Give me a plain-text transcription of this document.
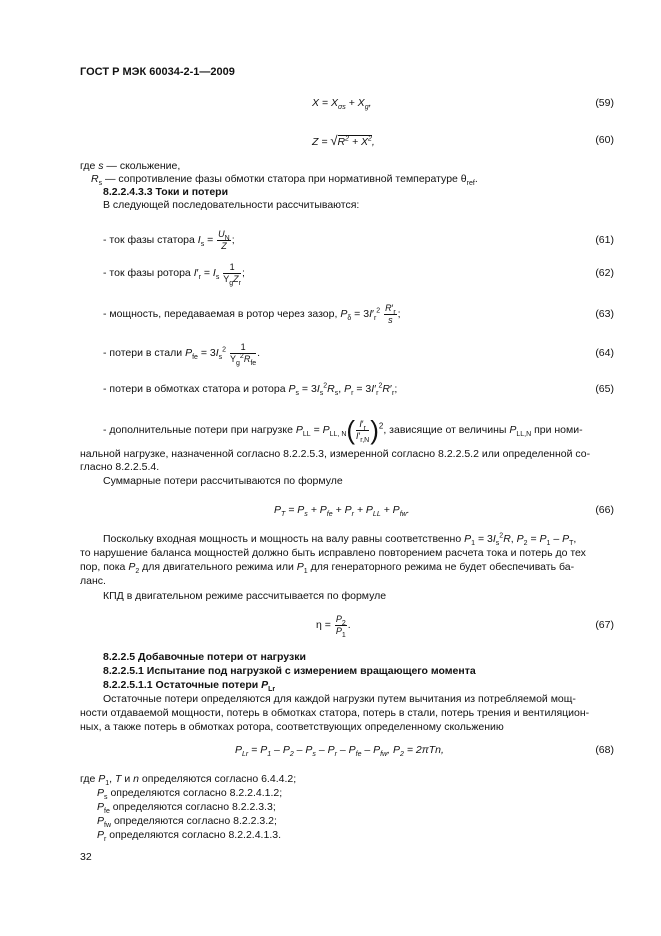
ГОСТ Р МЭК 60034-2-1—2009
$X = X_{\sigma s} + X_g$,	(59)
$Z = √R^2 + X^2$,	(60)
где s — скольжение,
$R_s$ — сопротивление фазы обмотки статора при нормативной температуре $\theta_{ref}$.
8.2.2.4.3.3 Токи и потери
В следующей последовательности рассчитываются:
- ток фазы статора $I_s = \frac{U_N}{Z}$ ;	(61)
- ток фазы ротора $I'_r = I_s \frac{1}{Y_gZ_r}$ ;	(62)
- мощность, передаваемая в ротор через зазор, $P_\delta = 3I'_r^2 \frac{R'_r}{s}$ ;	(63)
- потери в стали $P_{fe} = 3I_s^2 \frac{1}{Y_g^2R_{fe}}$ .	(64)
- потери в обмотках статора и ротора $P_s = 3I_s^2R_s$, $P_r = 3I'_r^2R'_r$;	(65)
- дополнительные потери при нагрузке $P_{LL} = P_{LL, N}( \frac{I'_r}{I'_{r,N}} )^2$, зависящие от величины $P_{LL,N}$ при номи-
нальной нагрузке, назначенной согласно 8.2.2.5.3, измеренной согласно 8.2.2.5.2 или определенной со-
гласно 8.2.2.5.4.
Суммарные потери рассчитываются по формуле
$P_T = P_s + P_{fe} + P_r + P_{LL} + P_{fw}$.	(66)
Поскольку входная мощность и мощность на валу равны соответственно $P_1 = 3I_s^2R$, $P_2 = P_1 - P_T$,
то нарушение баланса мощностей должно быть исправлено повторением расчета тока и потерь до тех
пор, пока $P_2$ для двигательного режима или $P_1$ для генераторного режима не будет обеспечивать ба-
ланс.
КПД в двигательном режиме рассчитывается по формуле
$\eta = \frac{P_2}{P_1}$ .	(67)
8.2.2.5 Добавочные потери от нагрузки
8.2.2.5.1 Испытание под нагрузкой с измерением вращающего момента
8.2.2.5.1.1 Остаточные потери $P_{Lr}$
Остаточные потери определяются для каждой нагрузки путем вычитания из потребляемой мощ-
ности отдаваемой мощности, потерь в обмотках статора, потерь в стали, потерь трения и вентиляцион-
ных, а также потерь в обмотках ротора, соответствующих определенному скольжению
$P_{Lr} = P_1 - P_2 - P_s - P_r - P_{fe} - P_{fw}$, $P_2 = 2\pi Tn$,	(68)
где $P_1$, T и n определяются согласно 6.4.4.2;
$P_s$ определяются согласно 8.2.2.4.1.2;
$P_{fe}$ определяются согласно 8.2.2.3.3;
$P_{fw}$ определяются согласно 8.2.2.3.2;
$P_r$ определяются согласно 8.2.2.4.1.3.
32
